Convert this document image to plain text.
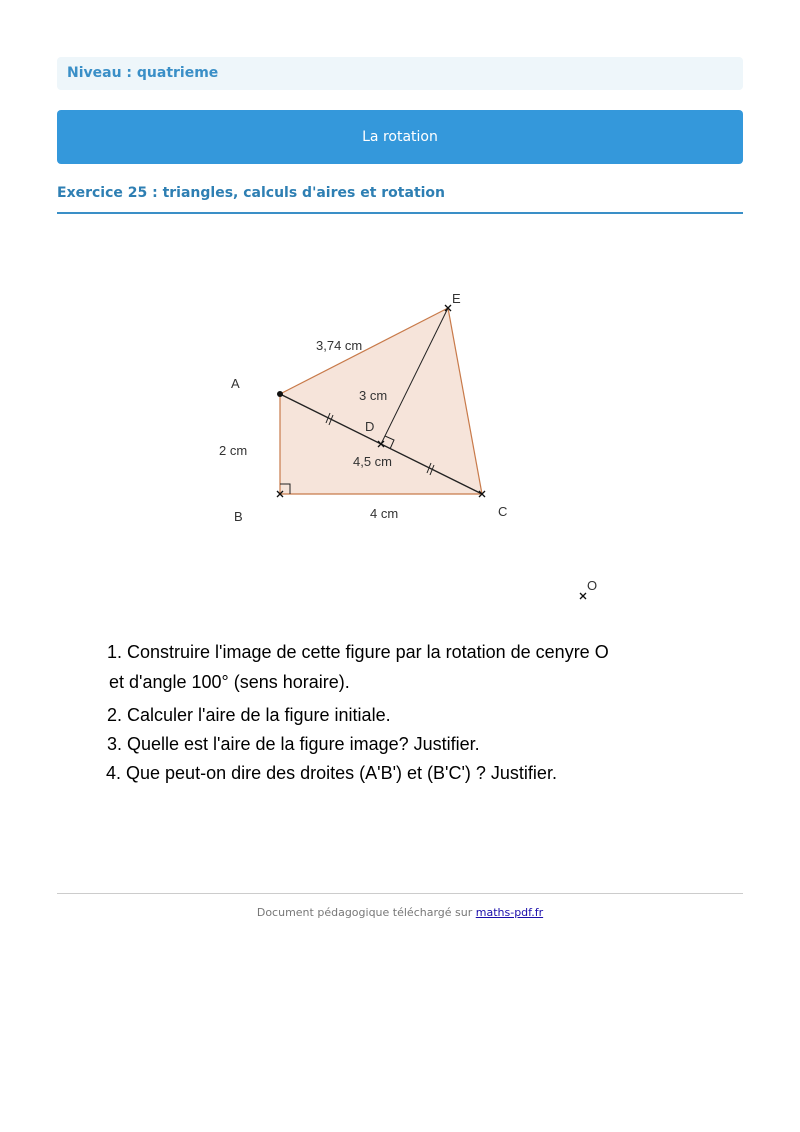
Niveau : quatrieme
La rotation
Exercice 25 : triangles, calculs d'aires et rotation
A
B	C
D
E
O
3,74 cm
3 cm
2 cm
4,5 cm
4 cm
1. Construire l'image de cette figure par la rotation de cenyre O
et d'angle 100° (sens horaire).
2. Calculer l'aire de la figure initiale.
3. Quelle est l'aire de la figure image? Justifier.
4. Que peut-on dire des droites (A'B') et (B'C') ? Justifier.
Document pédagogique téléchargé sur maths-pdf.fr
